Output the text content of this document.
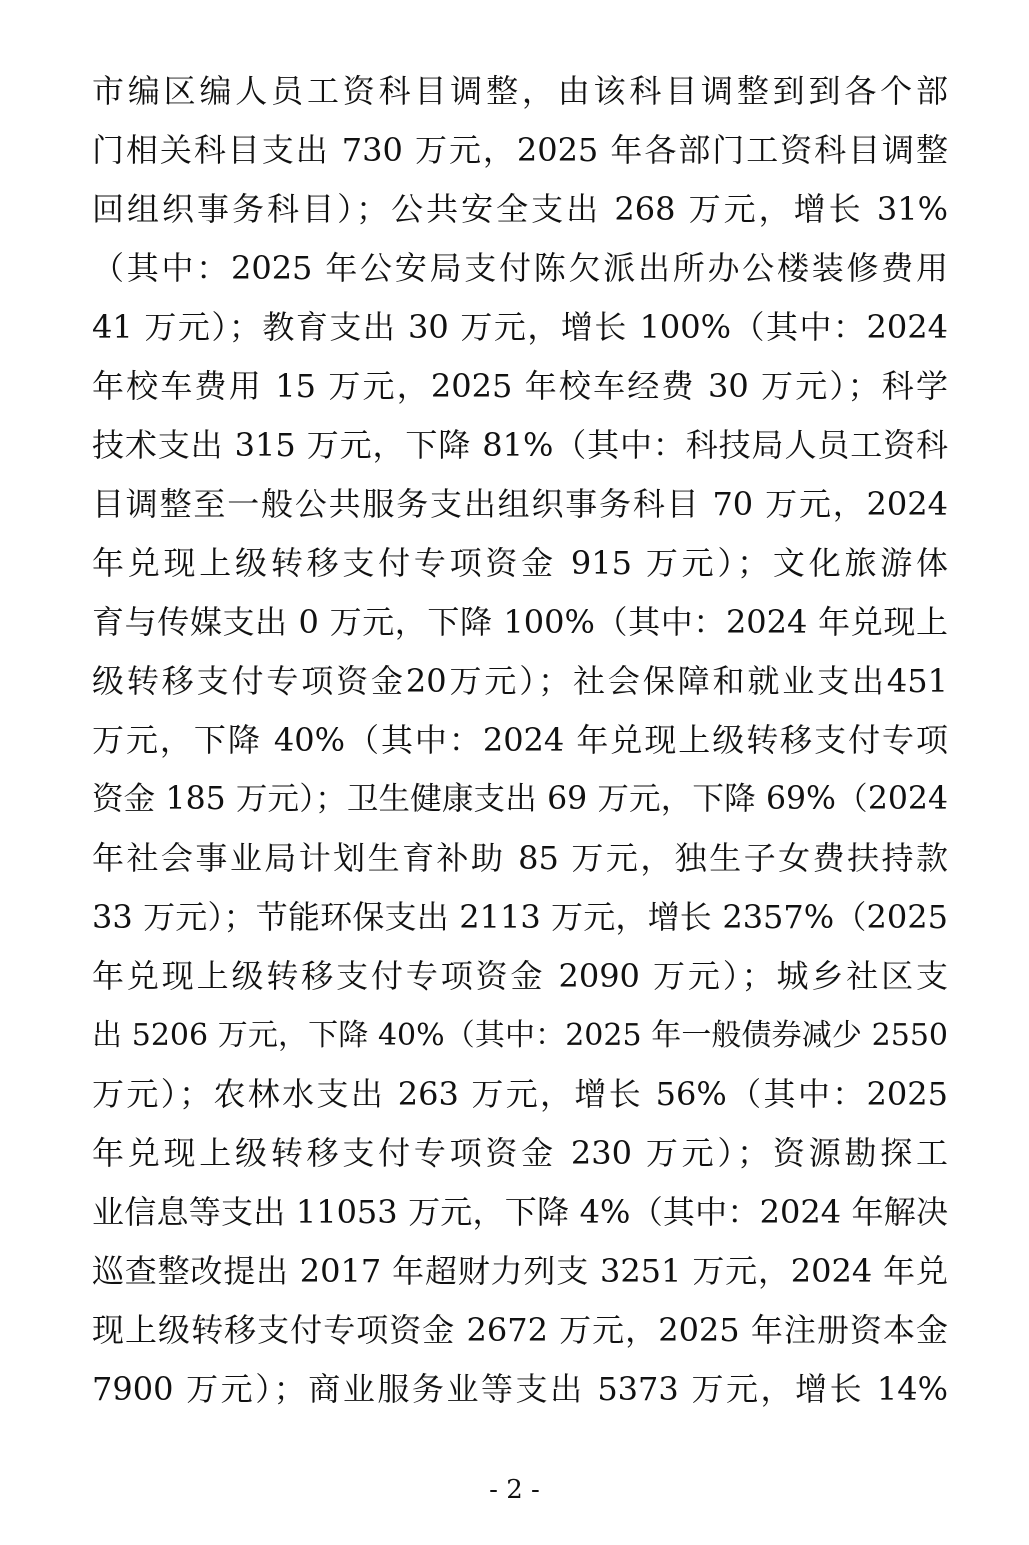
市编区编人员工资科目调整，由该科目调整到到各个部
门相关科目支出 730 万元，2025 年各部门工资科目调整
回组织事务科目）；公共安全支出 268 万元，增长 31%
（其中：2025 年公安局支付陈欠派出所办公楼装修费用
41 万元）；教育支出 30 万元，增长 100%（其中：2024
年校车费用 15 万元，2025 年校车经费 30 万元）；科学
技术支出 315 万元，下降 81%（其中：科技局人员工资科
目调整至一般公共服务支出组织事务科目 70 万元，2024
年兑现上级转移支付专项资金 915 万元）；文化旅游体
育与传媒支出 0 万元，下降 100%（其中：2024 年兑现上
级转移支付专项资金20万元）；社会保障和就业支出451
万元，下降 40%（其中：2024 年兑现上级转移支付专项
资金 185 万元）；卫生健康支出 69 万元，下降 69%（2024
年社会事业局计划生育补助 85 万元，独生子女费扶持款
33 万元）；节能环保支出 2113 万元，增长 2357%（2025
年兑现上级转移支付专项资金 2090 万元）；城乡社区支
出 5206 万元，下降 40%（其中：2025 年一般债券减少 2550
万元）；农林水支出 263 万元，增长 56%（其中：2025
年兑现上级转移支付专项资金 230 万元）；资源勘探工
业信息等支出 11053 万元，下降 4%（其中：2024 年解决
巡查整改提出 2017 年超财力列支 3251 万元，2024 年兑
现上级转移支付专项资金 2672 万元，2025 年注册资本金
7900 万元）；商业服务业等支出 5373 万元，增长 14%
- 2 -
